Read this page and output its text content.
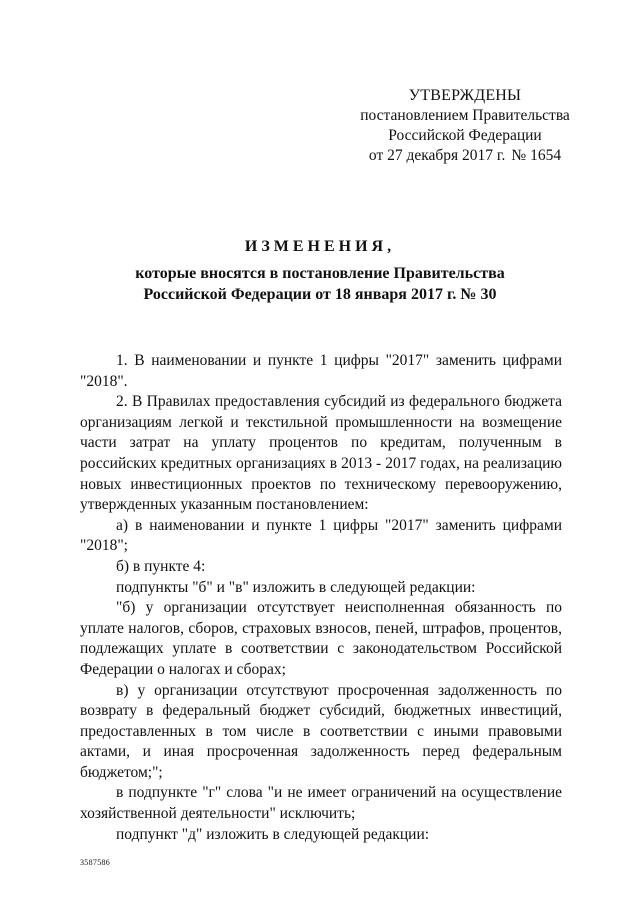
УТВЕРЖДЕНЫ
постановлением Правительства
Российской Федерации
от 27 декабря 2017 г. № 1654
ИЗМЕНЕНИЯ,
которые вносятся в постановление Правительства
Российской Федерации от 18 января 2017 г. № 30

1. В наименовании и пункте 1 цифры "2017" заменить цифрами "2018".

2. В Правилах предоставления субсидий из федерального бюджета организациям легкой и текстильной промышленности на возмещение части затрат на уплату процентов по кредитам, полученным в российских кредитных организациях в 2013 - 2017 годах, на реализацию новых инвестиционных проектов по техническому перевооружению, утвержденных указанным постановлением:

а) в наименовании и пункте 1 цифры "2017" заменить цифрами "2018";

б) в пункте 4:

подпункты "б" и "в" изложить в следующей редакции:

"б) у организации отсутствует неисполненная обязанность по уплате налогов, сборов, страховых взносов, пеней, штрафов, процентов, подлежащих уплате в соответствии с законодательством Российской Федерации о налогах и сборах;

в) у организации отсутствуют просроченная задолженность по возврату в федеральный бюджет субсидий, бюджетных инвестиций, предоставленных в том числе в соответствии с иными правовыми актами, и иная просроченная задолженность перед федеральным бюджетом;";

в подпункте "г" слова "и не имеет ограничений на осуществление хозяйственной деятельности" исключить;

подпункт "д" изложить в следующей редакции:

3587586
